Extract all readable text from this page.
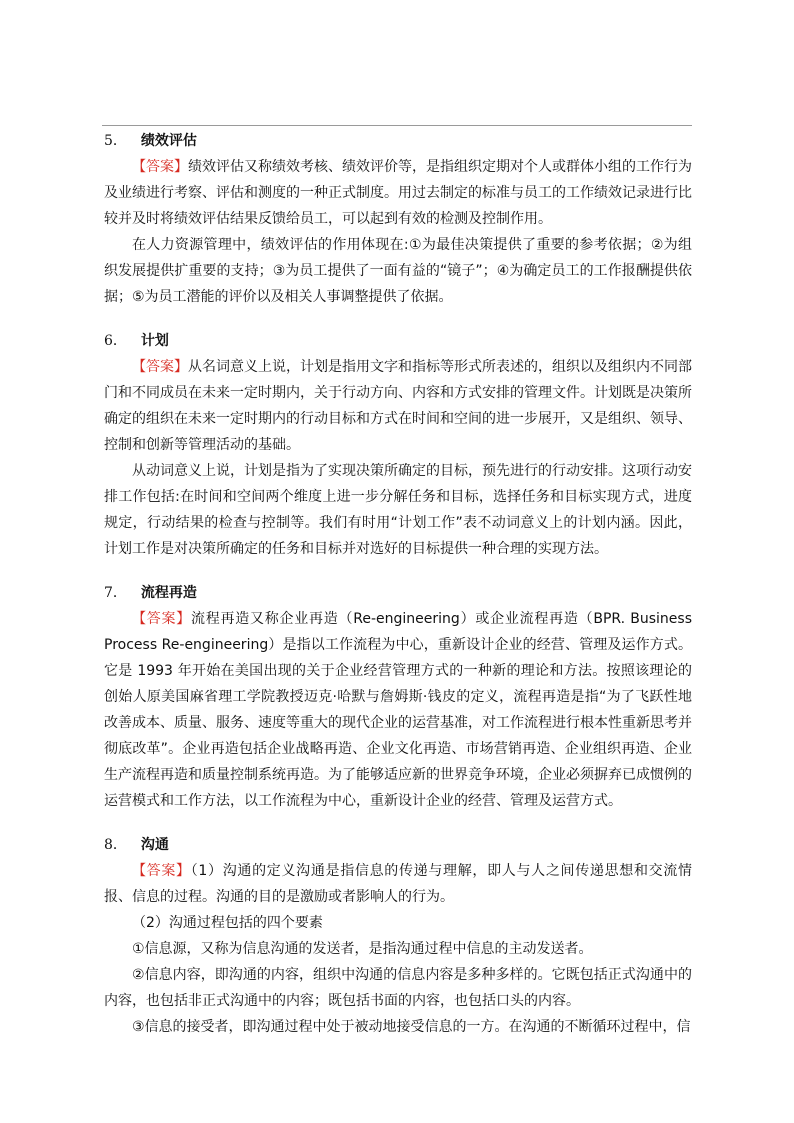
5． 绩效评估

【答案】绩效评估又称绩效考核、绩效评价等，是指组织定期对个人或群体小组的工作行为及业绩进行考察、评估和测度的一种正式制度。用过去制定的标准与员工的工作绩效记录进行比较并及时将绩效评估结果反馈给员工，可以起到有效的检测及控制作用。

在人力资源管理中，绩效评估的作用体现在:①为最佳决策提供了重要的参考依据；②为组织发展提供扩重要的支持；③为员工提供了一面有益的“镜子”；④为确定员工的工作报酬提供依据；⑤为员工潜能的评价以及相关人事调整提供了依据。

6． 计划

【答案】从名词意义上说，计划是指用文字和指标等形式所表述的，组织以及组织内不同部门和不同成员在未来一定时期内，关于行动方向、内容和方式安排的管理文件。计划既是决策所确定的组织在未来一定时期内的行动目标和方式在时间和空间的进一步展开，又是组织、领导、控制和创新等管理活动的基础。

从动词意义上说，计划是指为了实现决策所确定的目标，预先进行的行动安排。这项行动安排工作包括:在时间和空间两个维度上进一步分解任务和目标，选择任务和目标实现方式，进度规定，行动结果的检查与控制等。我们有时用“计划工作”表不动词意义上的计划内涵。因此，计划工作是对决策所确定的任务和目标并对选好的目标提供一种合理的实现方法。

7． 流程再造

【答案】流程再造又称企业再造（Re-engineering）或企业流程再造（BPR. Business Process Re-engineering）是指以工作流程为中心，重新设计企业的经营、管理及运作方式。它是 1993 年开始在美国出现的关于企业经营管理方式的一种新的理论和方法。按照该理论的创始人原美国麻省理工学院教授迈克·哈默与詹姆斯·钱皮的定义，流程再造是指“为了飞跃性地改善成本、质量、服务、速度等重大的现代企业的运营基准，对工作流程进行根本性重新思考并彻底改革”。企业再造包括企业战略再造、企业文化再造、市场营销再造、企业组织再造、企业生产流程再造和质量控制系统再造。为了能够适应新的世界竞争环境，企业必须摒弃已成惯例的运营模式和工作方法，以工作流程为中心，重新设计企业的经营、管理及运营方式。

8． 沟通

【答案】（1）沟通的定义沟通是指信息的传递与理解，即人与人之间传递思想和交流情报、信息的过程。沟通的目的是激励或者影响人的行为。

（2）沟通过程包括的四个要素

①信息源，又称为信息沟通的发送者，是指沟通过程中信息的主动发送者。

②信息内容，即沟通的内容，组织中沟通的信息内容是多种多样的。它既包括正式沟通中的内容，也包括非正式沟通中的内容；既包括书面的内容，也包括口头的内容。

③信息的接受者，即沟通过程中处于被动地接受信息的一方。在沟通的不断循环过程中，信
